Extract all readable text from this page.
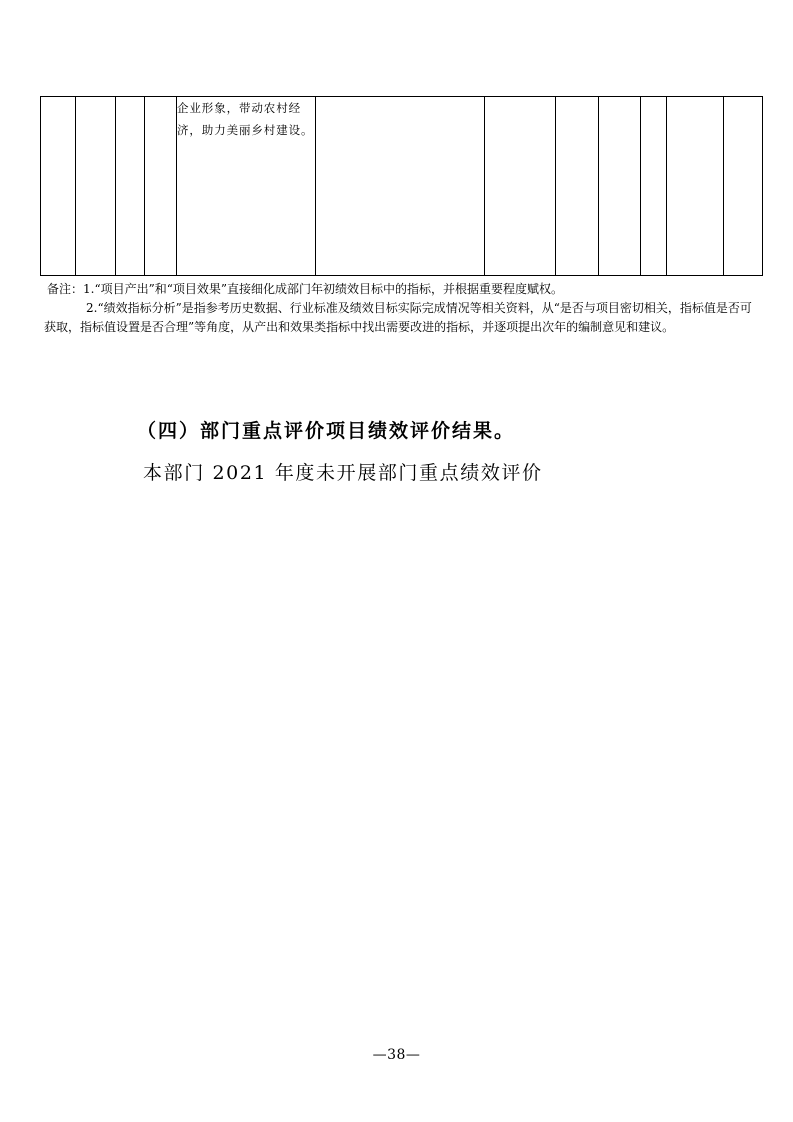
				企业形象，带动农村经济，助力美丽乡村建设。							

备注：1.“项目产出”和“项目效果”直接细化成部门年初绩效目标中的指标，并根据重要程度赋权。

2.“绩效指标分析”是指参考历史数据、行业标准及绩效目标实际完成情况等相关资料，从“是否与项目密切相关，指标值是否可获取，指标值设置是否合理”等角度，从产出和效果类指标中找出需要改进的指标，并逐项提出次年的编制意见和建议。

（四）部门重点评价项目绩效评价结果。

本部门 2021 年度未开展部门重点绩效评价

—38—
